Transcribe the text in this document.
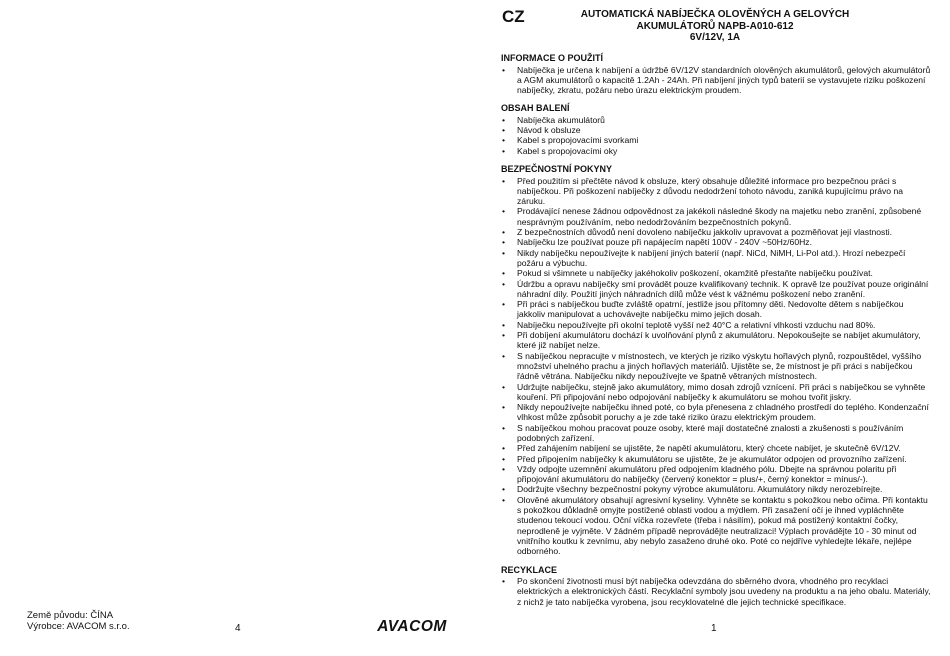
Země původu: ČÍNA
Výrobce: AVACOM s.r.o.	4	AVACOM
CZ	AUTOMATICKÁ NABÍJEČKA OLOVĚNÝCH A GELOVÝCH
AKUMULÁTORŮ NAPB-A010-612
6V/12V, 1A
INFORMACE O POUŽITÍ
• Nabíječka je určena k nabíjení a údržbě 6V/12V standardních olověných akumulátorů, gelových akumulátorů a AGM akumulátorů o kapacitě 1.2Ah - 24Ah. Při nabíjení jiných typů baterií se vystavujete riziku poškození nabíječky, zkratu, požáru nebo úrazu elektrickým proudem.
OBSAH BALENÍ
• Nabíječka akumulátorů
• Návod k obsluze
• Kabel s propojovacími svorkami
• Kabel s propojovacími oky
BEZPEČNOSTNÍ POKYNY
• Před použitím si přečtěte návod k obsluze, který obsahuje důležité informace pro bezpečnou práci s nabíječkou. Při poškození nabíječky z důvodu nedodržení tohoto návodu, zaniká kupujícímu právo na záruku.
• Prodávající nenese žádnou odpovědnost za jakékoli následné škody na majetku nebo zranění, způsobené nesprávným používáním, nebo nedodržováním bezpečnostních pokynů.
• Z bezpečnostních důvodů není dovoleno nabíječku jakkoliv upravovat a pozměňovat její vlastnosti.
• Nabíječku lze používat pouze při napájecím napětí 100V - 240V ~50Hz/60Hz.
• Nikdy nabíječku nepoužívejte k nabíjení jiných baterií (např. NiCd, NiMH, Li-Pol atd.). Hrozí nebezpečí požáru a výbuchu.
• Pokud si všimnete u nabíječky jakéhokoliv poškození, okamžitě přestaňte nabíječku používat.
• Údržbu a opravu nabíječky smí provádět pouze kvalifikovaný technik. K opravě lze používat pouze originální náhradní díly. Použití jiných náhradních dílů může vést k vážnému poškození nebo zranění.
• Při práci s nabíječkou buďte zvláště opatrní, jestliže jsou přítomny děti. Nedovolte dětem s nabíječkou jakkoliv manipulovat a uchovávejte nabíječku mimo jejich dosah.
• Nabíječku nepoužívejte při okolní teplotě vyšší než 40°C a relativní vlhkosti vzduchu nad 80%.
• Při dobíjení akumulátoru dochází k uvolňování plynů z akumulátoru. Nepokoušejte se nabíjet akumulátory, které již nabíjet nelze.
• S nabíječkou nepracujte v místnostech, ve kterých je riziko výskytu hořlavých plynů, rozpouštědel, vyššího množství uhelného prachu a jiných hořlavých materiálů. Ujistěte se, že místnost je při práci s nabíječkou řádně větrána. Nabíječku nikdy nepoužívejte ve špatně větraných místnostech.
• Udržujte nabíječku, stejně jako akumulátory, mimo dosah zdrojů vznícení. Při práci s nabíječkou se vyhněte kouření. Při připojování nebo odpojování nabíječky k akumulátoru se mohou tvořit jiskry.
• Nikdy nepoužívejte nabíječku ihned poté, co byla přenesena z chladného prostředí do teplého. Kondenzační vlhkost může způsobit poruchy a je zde také riziko úrazu elektrickým proudem.
• S nabíječkou mohou pracovat pouze osoby, které mají dostatečné znalosti a zkušenosti s používáním podobných zařízení.
• Před zahájením nabíjení se ujistěte, že napětí akumulátoru, který chcete nabíjet, je skutečně 6V/12V.
• Před připojením nabíječky k akumulátoru se ujistěte, že je akumulátor odpojen od provozního zařízení.
• Vždy odpojte uzemnění akumulátoru před odpojením kladného pólu. Dbejte na správnou polaritu při připojování akumulátoru do nabíječky (červený konektor = plus/+, černý konektor = mínus/-).
• Dodržujte všechny bezpečnostní pokyny výrobce akumulátoru. Akumulátory nikdy nerozebírejte.
• Olověné akumulátory obsahují agresivní kyseliny. Vyhněte se kontaktu s pokožkou nebo očima. Při kontaktu s pokožkou důkladně omyjte postižené oblasti vodou a mýdlem. Při zasažení očí je ihned vypláchněte studenou tekoucí vodou. Oční víčka rozevřete (třeba i násilím), pokud má postižený kontaktní čočky, neprodleně je vyjměte. V žádném případě neprovádějte neutralizaci! Výplach provádějte 10 - 30 minut od vnitřního koutku k zevnímu, aby nebylo zasaženo druhé oko. Poté co nejdříve vyhledejte lékaře, nejlépe odborného.
RECYKLACE
• Po skončení životnosti musí být nabíječka odevzdána do sběrného dvora, vhodného pro recyklaci elektrických a elektronických částí. Recyklační symboly jsou uvedeny na produktu a na jeho obalu. Materiály, z nichž je tato nabíječka vyrobena, jsou recyklovatelné dle jejich technické specifikace.
1
